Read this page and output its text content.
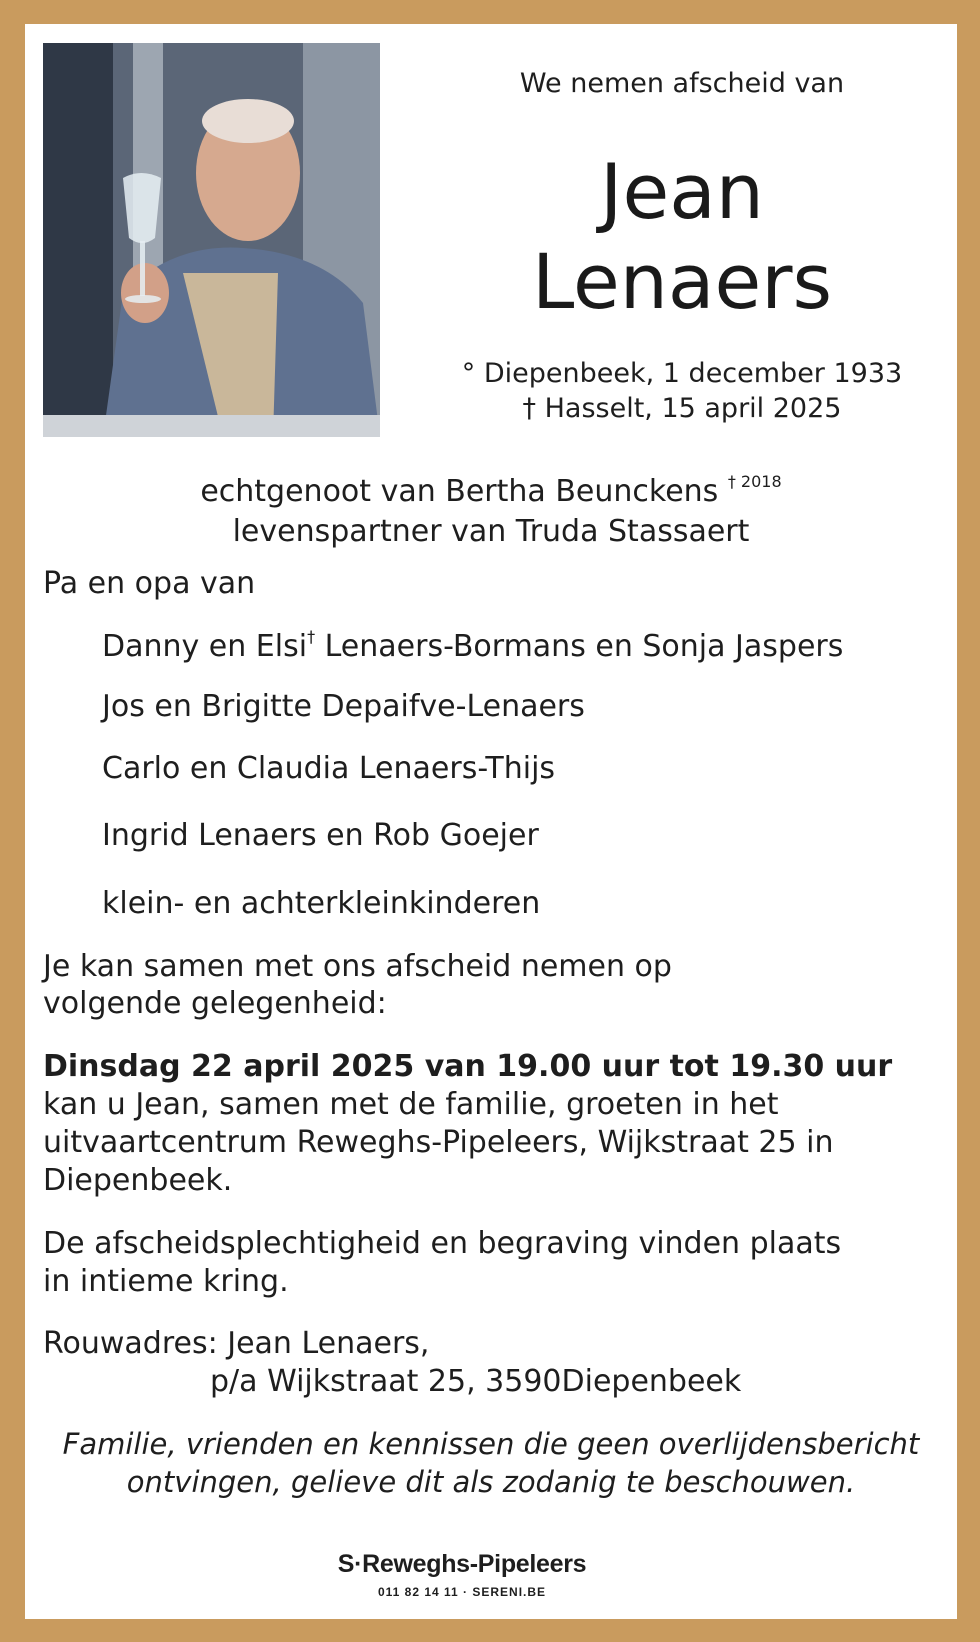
We nemen afscheid van
Jean
Lenaers
° Diepenbeek, 1 december 1933
† Hasselt, 15 april 2025
echtgenoot van Bertha Beunckens $^{\dagger 2018}$
levenspartner van Truda Stassaert
Pa en opa van
Danny en Elsi† Lenaers-Bormans en Sonja Jaspers
Jos en Brigitte Depaifve-Lenaers
Carlo en Claudia Lenaers-Thijs
Ingrid Lenaers en Rob Goejer
klein- en achterkleinkinderen
Je kan samen met ons afscheid nemen op
volgende gelegenheid:
Dinsdag 22 april 2025 van 19.00 uur tot 19.30 uur
kan u Jean, samen met de familie, groeten in het
uitvaartcentrum Reweghs-Pipeleers, Wijkstraat 25 in
Diepenbeek.
De afscheidsplechtigheid en begraving vinden plaats
in intieme kring.
Rouwadres: Jean Lenaers,
p/a Wijkstraat 25, 3590Diepenbeek
Familie, vrienden en kennissen die geen overlijdensbericht
ontvingen, gelieve dit als zodanig te beschouwen.
S·Reweghs-Pipeleers
011 82 14 11 · SERENI.BE
